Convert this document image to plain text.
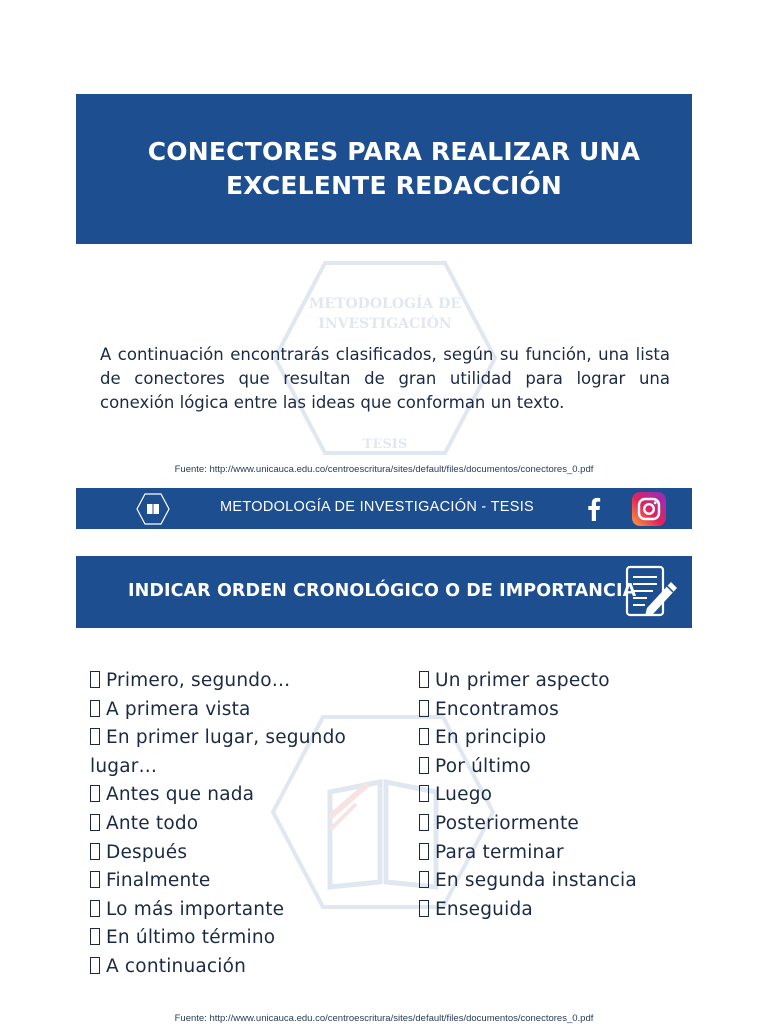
CONECTORES PARA REALIZAR UNA EXCELENTE REDACCIÓN
METODOLOGÍA DE
INVESTIGACIÓN
TESIS

A continuación encontrarás clasificados, según su función, una lista de conectores que resultan de gran utilidad para lograr una conexión lógica entre las ideas que conforman un texto.

Fuente: http://www.unicauca.edu.co/centroescritura/sites/default/files/documentos/conectores_0.pdf
METODOLOGÍA DE INVESTIGACIÓN - TESIS
INDICAR ORDEN CRONOLÓGICO O DE IMPORTANCIA
Primero, segundo…
A primera vista
En primer lugar, segundo lugar…
Antes que nada
Ante todo
Después
Finalmente
Lo más importante
En último término
A continuación
Un primer aspecto
Encontramos
En principio
Por último
Luego
Posteriormente
Para terminar
En segunda instancia
Enseguida
Fuente: http://www.unicauca.edu.co/centroescritura/sites/default/files/documentos/conectores_0.pdf
